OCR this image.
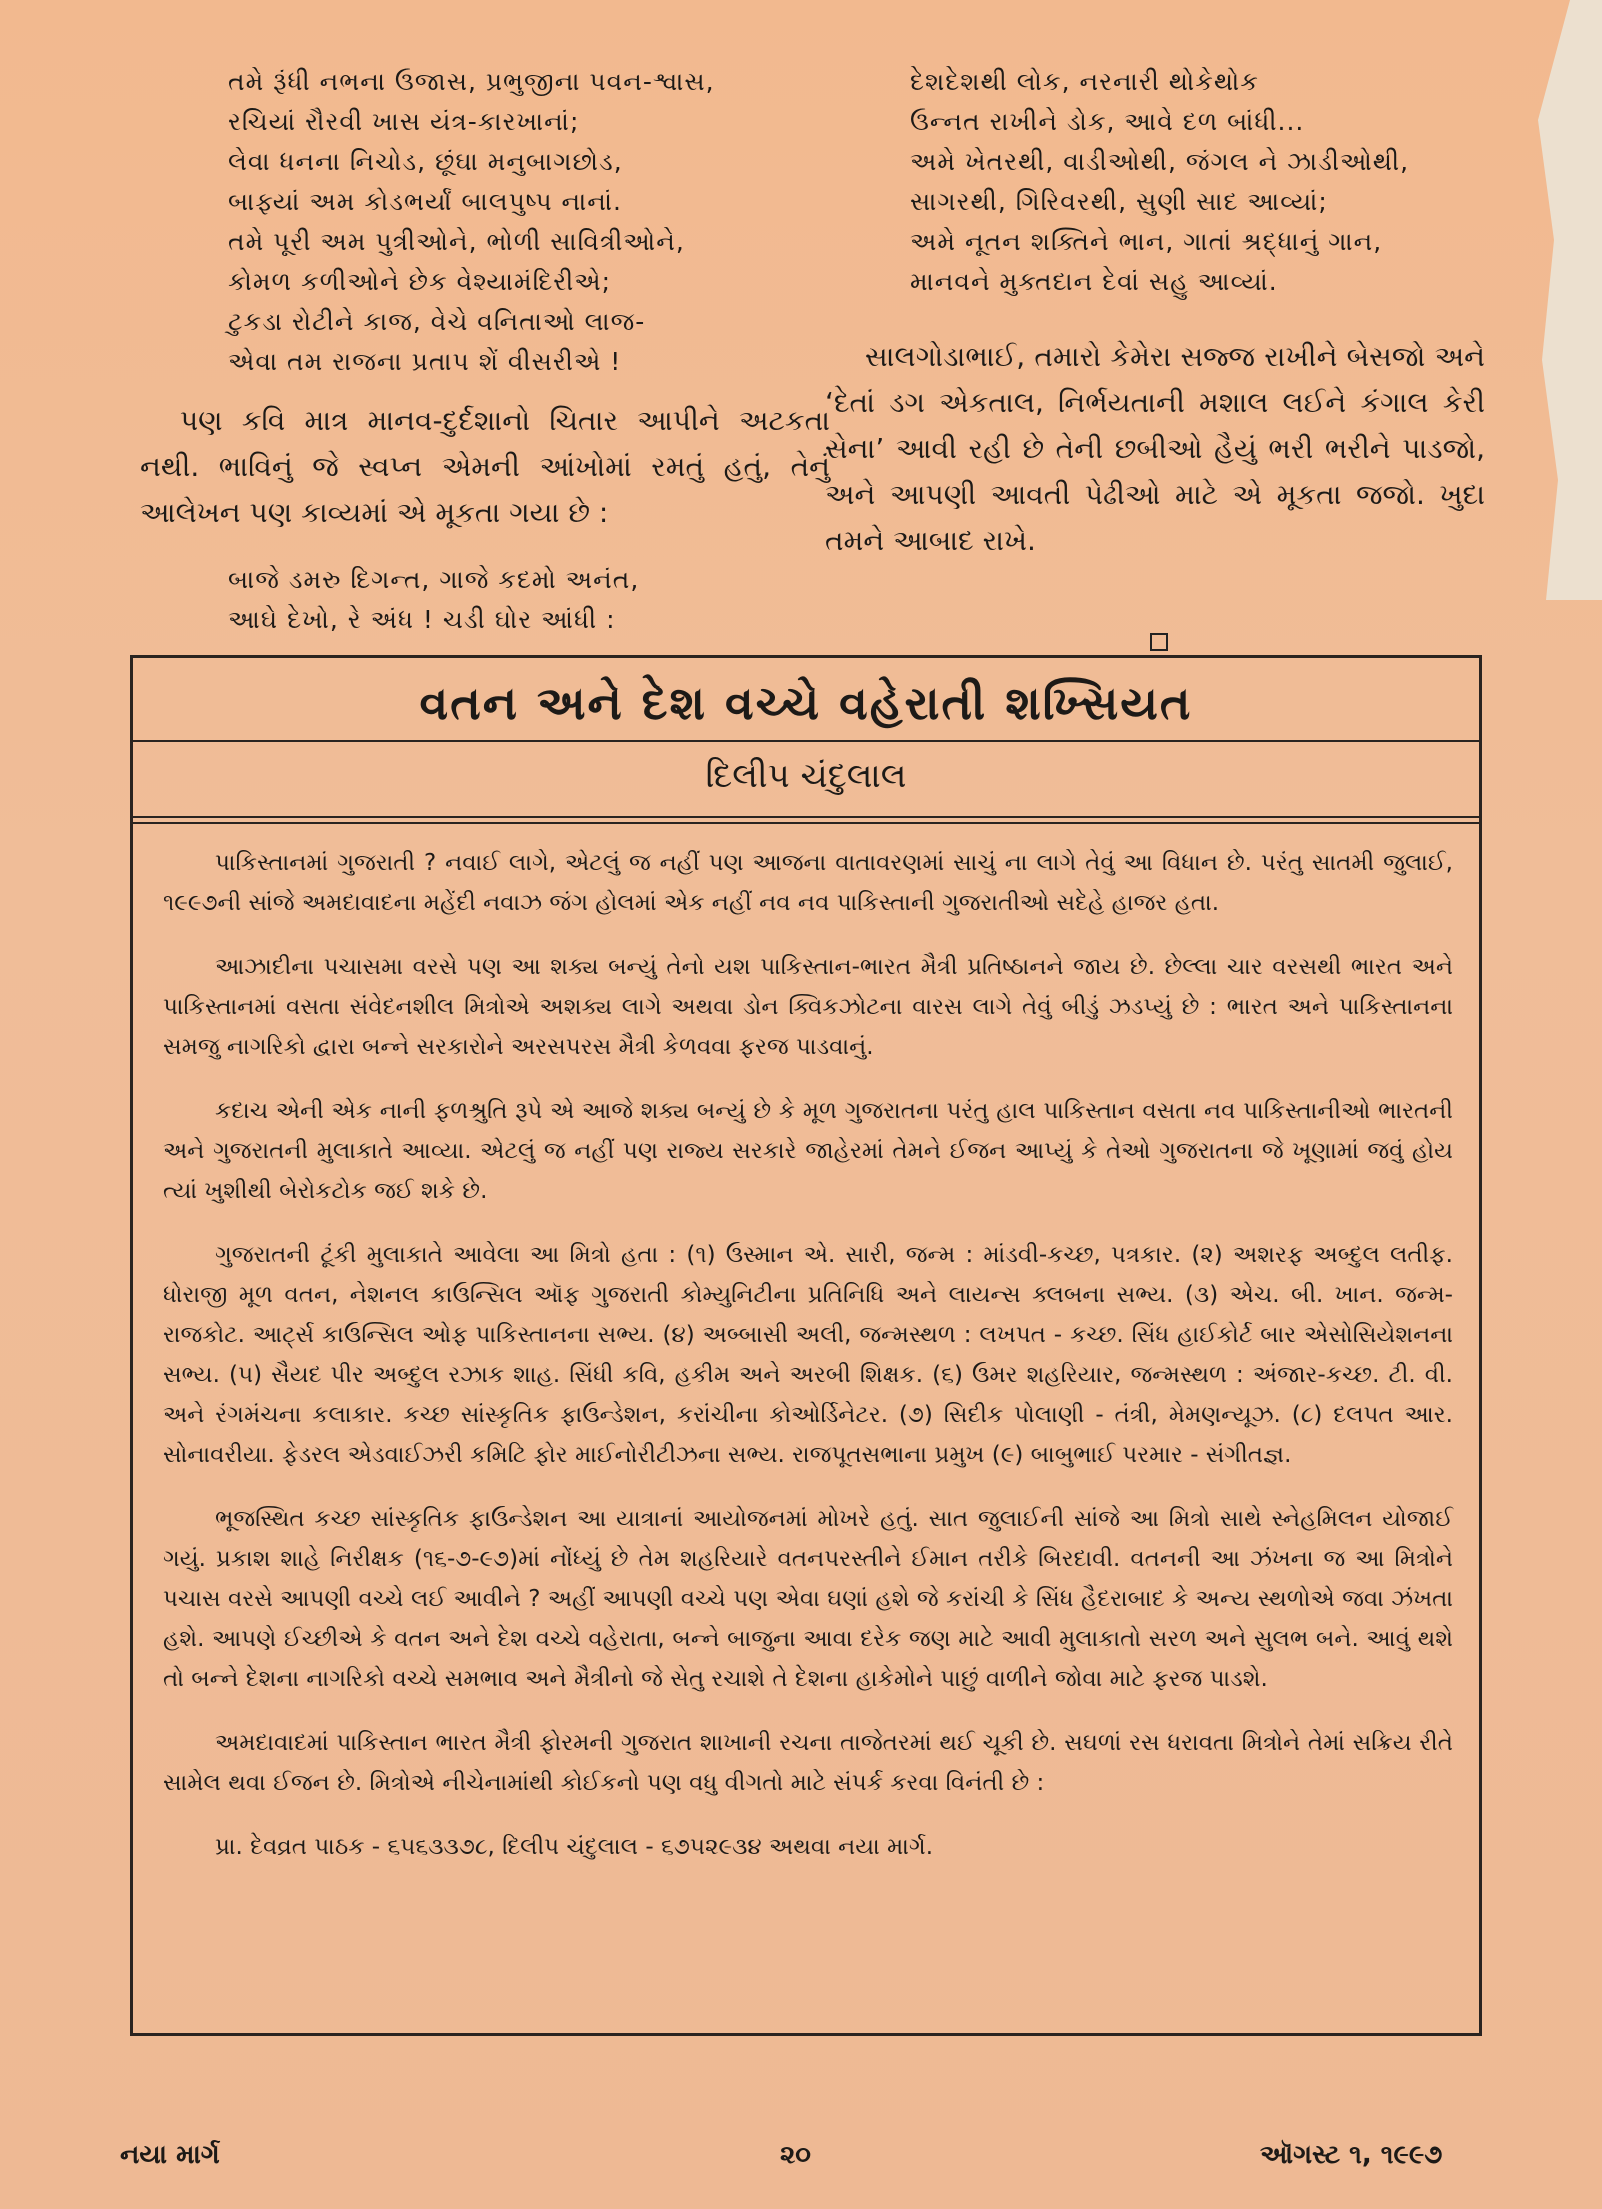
તમે રૂંધી નભના ઉજાસ, પ્રભુજીના પવન-શ્વાસ,
રચિયાં રૌરવી ખાસ યંત્ર-કારખાનાં;
લેવા ધનના નિચોડ, છૂંઘા મનુબાગછોડ,
બાફ્યાં અમ કોડભર્યાં બાલપુષ્પ નાનાં.
તમે પૂરી અમ પુત્રીઓને, ભોળી સાવિત્રીઓને,
કોમળ કળીઓને છેક વેશ્યામંદિરીએ;
ટુકડા રોટીને કાજ, વેચે વનિતાઓ લાજ-
એવા તમ રાજના પ્રતાપ શેં વીસરીએ !

પણ કવિ માત્ર માનવ-દુર્દશાનો ચિતાર આપીને અટકતા નથી. ભાવિનું જે સ્વપ્ન એમની આંખોમાં રમતું હતું, તેનું આલેખન પણ કાવ્યમાં એ મૂકતા ગયા છે :

બાજે ડમરુ દિગન્ત, ગાજે કદમો અનંત,
આઘે દેખો, રે અંધ ! ચડી ઘોર આંધી :
દેશદેશથી લોક, નરનારી થોકેથોક
ઉન્નત રાખીને ડોક, આવે દળ બાંધી...
અમે ખેતરથી, વાડીઓથી, જંગલ ને ઝાડીઓથી,
સાગરથી, ગિરિવરથી, સુણી સાદ આવ્યાં;
અમે નૂતન શક્તિને ભાન, ગાતાં શ્રદ્ધાનું ગાન,
માનવને મુક્તદાન દેવાં સહુ આવ્યાં.

સાલગોડાભાઈ, તમારો કેમેરા સજ્જ રાખીને બેસજો અને ‘દેતાં ડગ એકતાલ, નિર્ભયતાની મશાલ લઈને કંગાલ કેરી સેના’ આવી રહી છે તેની છબીઓ હૈયું ભરી ભરીને પાડજો, અને આપણી આવતી પેઢીઓ માટે એ મૂકતા જજો. ખુદા તમને આબાદ રાખે.

વતન અને દેશ વચ્ચે વહેરાતી શખ્સિયત
દિલીપ ચંદુલાલ

પાકિસ્તાનમાં ગુજરાતી ? નવાઈ લાગે, એટલું જ નહીં પણ આજના વાતાવરણમાં સાચું ના લાગે તેવું આ વિધાન છે. પરંતુ સાતમી જુલાઈ, ૧૯૯૭ની સાંજે અમદાવાદના મહેંદી નવાઝ જંગ હોલમાં એક નહીં નવ નવ પાકિસ્તાની ગુજરાતીઓ સદેહે હાજર હતા.

આઝાદીના પચાસમા વરસે પણ આ શક્ય બન્યું તેનો યશ પાકિસ્તાન-ભારત મૈત્રી પ્રતિષ્ઠાનને જાય છે. છેલ્લા ચાર વરસથી ભારત અને પાકિસ્તાનમાં વસતા સંવેદનશીલ મિત્રોએ અશક્ય લાગે અથવા ડોન ક્વિકઝોટના વારસ લાગે તેવું બીડું ઝડપ્યું છે : ભારત અને પાકિસ્તાનના સમજુ નાગરિકો દ્વારા બન્ને સરકારોને અરસપરસ મૈત્રી કેળવવા ફરજ પાડવાનું.

કદાચ એની એક નાની ફળશ્રુતિ રૂપે એ આજે શક્ય બન્યું છે કે મૂળ ગુજરાતના પરંતુ હાલ પાકિસ્તાન વસતા નવ પાકિસ્તાનીઓ ભારતની અને ગુજરાતની મુલાકાતે આવ્યા. એટલું જ નહીં પણ રાજ્ય સરકારે જાહેરમાં તેમને ઈજન આપ્યું કે તેઓ ગુજરાતના જે ખૂણામાં જવું હોય ત્યાં ખુશીથી બેરોકટોક જઈ શકે છે.

ગુજરાતની ટૂંકી મુલાકાતે આવેલા આ મિત્રો હતા : (૧) ઉસ્માન એ. સારી, જન્મ : માંડવી-કચ્છ, પત્રકાર. (૨) અશરફ અબ્દુલ લતીફ. ધોરાજી મૂળ વતન, નેશનલ કાઉન્સિલ ઑફ ગુજરાતી કોમ્યુનિટીના પ્રતિનિધિ અને લાયન્સ ક્લબના સભ્ય. (૩) એચ. બી. ખાન. જન્મ-રાજકોટ. આર્ટ્સ કાઉન્સિલ ઓફ પાકિસ્તાનના સભ્ય. (૪) અબ્બાસી અલી, જન્મસ્થળ : લખપત - કચ્છ. સિંધ હાઈકોર્ટ બાર એસોસિયેશનના સભ્ય. (૫) સૈયદ પીર અબ્દુલ રઝાક શાહ. સિંધી કવિ, હકીમ અને અરબી શિક્ષક. (૬) ઉમર શહરિયાર, જન્મસ્થળ : અંજાર-કચ્છ. ટી. વી. અને રંગમંચના કલાકાર. કચ્છ સાંસ્કૃતિક ફાઉન્ડેશન, કરાંચીના કોઓર્ડિનેટર. (૭) સિદીક પોલાણી - તંત્રી, મેમણન્યૂઝ. (૮) દલપત આર. સોનાવરીયા. ફેડરલ એડવાઈઝરી કમિટિ ફોર માઈનોરીટીઝના સભ્ય. રાજપૂતસભાના પ્રમુખ (૯) બાબુભાઈ પરમાર - સંગીતજ્ઞ.

ભૂજસ્થિત કચ્છ સાંસ્કૃતિક ફાઉન્ડેશન આ યાત્રાનાં આયોજનમાં મોખરે હતું. સાત જુલાઈની સાંજે આ મિત્રો સાથે સ્નેહમિલન યોજાઈ ગયું. પ્રકાશ શાહે નિરીક્ષક (૧૬-૭-૯૭)માં નોંધ્યું છે તેમ શહરિયારે વતનપરસ્તીને ઈમાન તરીકે બિરદાવી. વતનની આ ઝંખના જ આ મિત્રોને પચાસ વરસે આપણી વચ્ચે લઈ આવીને ? અહીં આપણી વચ્ચે પણ એવા ઘણાં હશે જે કરાંચી કે સિંધ હૈદરાબાદ કે અન્ય સ્થળોએ જવા ઝંખતા હશે. આપણે ઈચ્છીએ કે વતન અને દેશ વચ્ચે વહેરાતા, બન્ને બાજુના આવા દરેક જણ માટે આવી મુલાકાતો સરળ અને સુલભ બને. આવું થશે તો બન્ને દેશના નાગરિકો વચ્ચે સમભાવ અને મૈત્રીનો જે સેતુ રચાશે તે દેશના હાકેમોને પાછું વાળીને જોવા માટે ફરજ પાડશે.

અમદાવાદમાં પાકિસ્તાન ભારત મૈત્રી ફોરમની ગુજરાત શાખાની રચના તાજેતરમાં થઈ ચૂકી છે. સઘળાં રસ ધરાવતા મિત્રોને તેમાં સક્રિય રીતે સામેલ થવા ઈજન છે. મિત્રોએ નીચેનામાંથી કોઈકનો પણ વધુ વીગતો માટે સંપર્ક કરવા વિનંતી છે :

પ્રા. દેવવ્રત પાઠક - ૬૫૬૩૩૭૮, દિલીપ ચંદુલાલ - ૬૭૫૨૯૩૪ અથવા નયા માર્ગ.

નયા માર્ગ	૨૦	ઑગસ્ટ ૧, ૧૯૯૭
